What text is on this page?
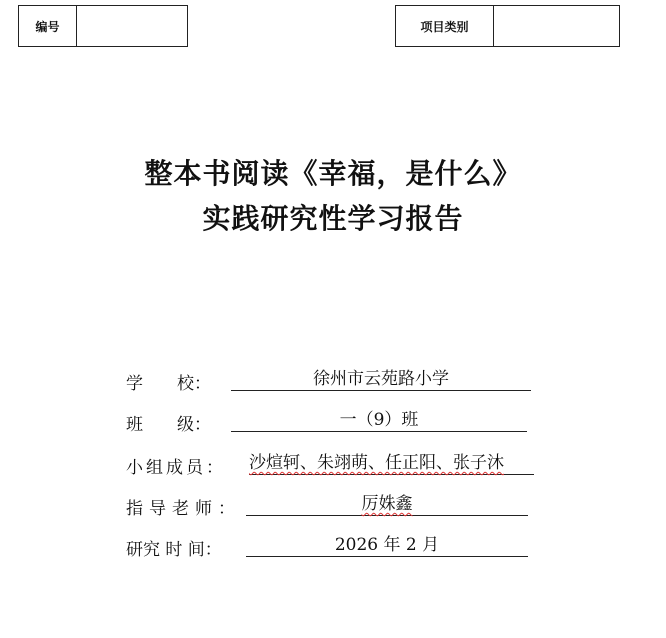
编号	项目类别
整本书阅读《幸福，是什么》
实践研究性学习报告
学 校：	徐州市云苑路小学
班 级：	一（9）班
小组成员： 沙煊轲、朱翊萌、任正阳、张子沐
指导老师：	厉姝鑫
研究 时 间：	2026 年 2 月
